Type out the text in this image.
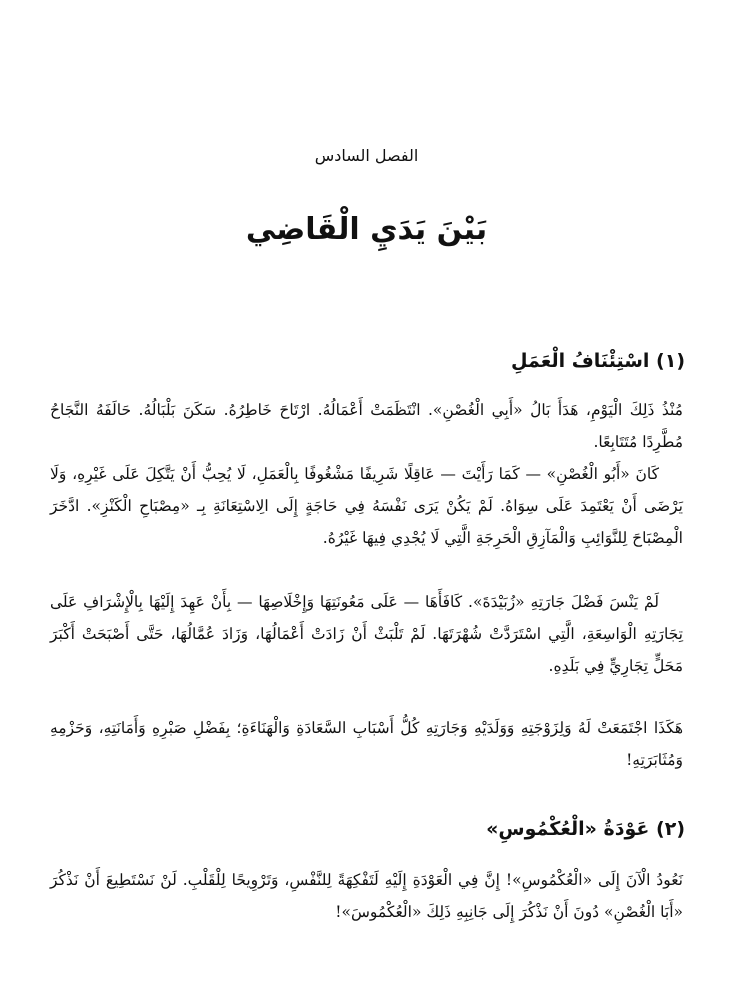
الفصل السادس
بَيْنَ يَدَيِ الْقَاضِي
(١) اسْتِئْنَافُ الْعَمَلِ

مُنْذُ ذَلِكَ الْيَوْمِ، هَدَأَ بَالُ «أَبِي الْغُصْنِ». انْتَظَمَتْ أَعْمَالُهُ. ارْتَاحَ خَاطِرُهُ. سَكَنَ بَلْبَالُهُ. حَالَفَهُ النَّجَاحُ مُطَّرِدًا مُتَتَابِعًا.

كَانَ «أَبُو الْغُصْنِ» — كَمَا رَأَيْتَ — عَاقِلًا شَرِيفًا مَشْغُوفًا بِالْعَمَلِ، لَا يُحِبُّ أَنْ يَتَّكِلَ عَلَى غَيْرِهِ، وَلَا يَرْضَى أَنْ يَعْتَمِدَ عَلَى سِوَاهُ. لَمْ يَكُنْ يَرَى نَفْسَهُ فِي حَاجَةٍ إِلَى الِاسْتِعَانَةِ بِـ «مِصْبَاحِ الْكَنْزِ». ادَّخَرَ الْمِصْبَاحَ لِلنَّوَائِبِ وَالْمَآزِقِ الْحَرِجَةِ الَّتِي لَا يُجْدِي فِيهَا غَيْرُهُ.

لَمْ يَنْسَ فَضْلَ جَارَتِهِ «زُبَيْدَةَ». كَافَأَهَا — عَلَى مَعُونَتِهَا وَإِخْلَاصِهَا — بِأَنْ عَهِدَ إِلَيْهَا بِالْإِشْرَافِ عَلَى تِجَارَتِهِ الْوَاسِعَةِ، الَّتِي اسْتَرَدَّتْ شُهْرَتَهَا. لَمْ تَلْبَثْ أَنْ زَادَتْ أَعْمَالُهَا، وَزَادَ عُمَّالُهَا، حَتَّى أَصْبَحَتْ أَكْبَرَ مَحَلٍّ تِجَارِيٍّ فِي بَلَدِهِ.

هَكَذَا اجْتَمَعَتْ لَهُ وَلِزَوْجَتِهِ وَوَلَدَيْهِ وَجَارَتِهِ كُلُّ أَسْبَابِ السَّعَادَةِ وَالْهَنَاءَةِ؛ بِفَضْلِ صَبْرِهِ وَأَمَانَتِهِ، وَحَزْمِهِ وَمُثَابَرَتِهِ!

(٢) عَوْدَةُ «الْعُكْمُوسِ»

نَعُودُ الْآنَ إِلَى «الْعُكْمُوسِ»! إِنَّ فِي الْعَوْدَةِ إِلَيْهِ لَتَفْكِهَةً لِلنَّفْسِ، وَتَرْوِيحًا لِلْقَلْبِ. لَنْ نَسْتَطِيعَ أَنْ نَذْكُرَ «أَبَا الْغُصْنِ» دُونَ أَنْ نَذْكُرَ إِلَى جَانِبِهِ ذَلِكَ «الْعُكْمُوسَ»!
